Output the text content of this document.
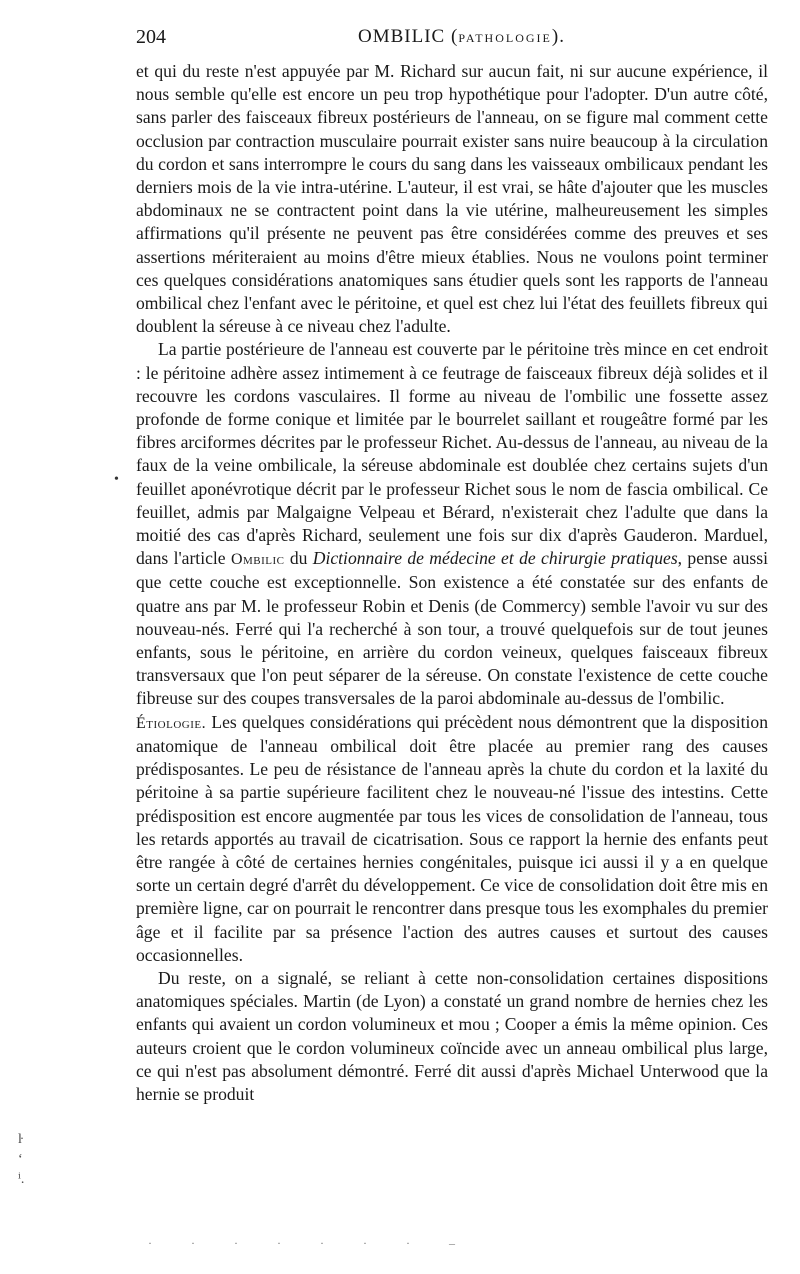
204	OMBILIC (PATHOLOGIE).

et qui du reste n'est appuyée par M. Richard sur aucun fait, ni sur aucune expérience, il nous semble qu'elle est encore un peu trop hypothétique pour l'adopter. D'un autre côté, sans parler des faisceaux fibreux postérieurs de l'anneau, on se figure mal comment cette occlusion par contraction musculaire pourrait exister sans nuire beaucoup à la circulation du cordon et sans interrompre le cours du sang dans les vaisseaux ombilicaux pendant les derniers mois de la vie intra-utérine. L'auteur, il est vrai, se hâte d'ajouter que les muscles abdominaux ne se contractent point dans la vie utérine, malheureusement les simples affirmations qu'il présente ne peuvent pas être considérées comme des preuves et ses assertions mériteraient au moins d'être mieux établies. Nous ne voulons point terminer ces quelques considérations anatomiques sans étudier quels sont les rapports de l'anneau ombilical chez l'enfant avec le péritoine, et quel est chez lui l'état des feuillets fibreux qui doublent la séreuse à ce niveau chez l'adulte.

La partie postérieure de l'anneau est couverte par le péritoine très mince en cet endroit : le péritoine adhère assez intimement à ce feutrage de faisceaux fibreux déjà solides et il recouvre les cordons vasculaires. Il forme au niveau de l'ombilic une fossette assez profonde de forme conique et limitée par le bourrelet saillant et rougeâtre formé par les fibres arciformes décrites par le professeur Richet. Au-dessus de l'anneau, au niveau de la faux de la veine ombilicale, la séreuse abdominale est doublée chez certains sujets d'un feuillet aponévrotique décrit par le professeur Richet sous le nom de fascia ombilical. Ce feuillet, admis par Malgaigne Velpeau et Bérard, n'existerait chez l'adulte que dans la moitié des cas d'après Richard, seulement une fois sur dix d'après Gauderon. Marduel, dans l'article Ombilic du Dictionnaire de médecine et de chirurgie pratiques, pense aussi que cette couche est exceptionnelle. Son existence a été constatée sur des enfants de quatre ans par M. le professeur Robin et Denis (de Commercy) semble l'avoir vu sur des nouveau-nés. Ferré qui l'a recherché à son tour, a trouvé quelquefois sur de tout jeunes enfants, sous le péritoine, en arrière du cordon veineux, quelques faisceaux fibreux transversaux que l'on peut séparer de la séreuse. On constate l'existence de cette couche fibreuse sur des coupes transversales de la paroi abdominale au-dessus de l'ombilic.

Étiologie. Les quelques considérations qui précèdent nous démontrent que la disposition anatomique de l'anneau ombilical doit être placée au premier rang des causes prédisposantes. Le peu de résistance de l'anneau après la chute du cordon et la laxité du péritoine à sa partie supérieure facilitent chez le nouveau-né l'issue des intestins. Cette prédisposition est encore augmentée par tous les vices de consolidation de l'anneau, tous les retards apportés au travail de cicatrisation. Sous ce rapport la hernie des enfants peut être rangée à côté de certaines hernies congénitales, puisque ici aussi il y a en quelque sorte un certain degré d'arrêt du développement. Ce vice de consolidation doit être mis en première ligne, car on pourrait le rencontrer dans presque tous les exomphales du premier âge et il facilite par sa présence l'action des autres causes et surtout des causes occasionnelles.

Du reste, on a signalé, se reliant à cette non-consolidation certaines dispositions anatomiques spéciales. Martin (de Lyon) a constaté un grand nombre de hernies chez les enfants qui avaient un cordon volumineux et mou ; Cooper a émis la même opinion. Ces auteurs croient que le cordon volumineux coïncide avec un anneau ombilical plus large, ce qui n'est pas absolument démontré. Ferré dit aussi d'après Michael Unterwood que la hernie se produit

•
ŀ
ʻ
ⁱ.
· · · · · · · –
